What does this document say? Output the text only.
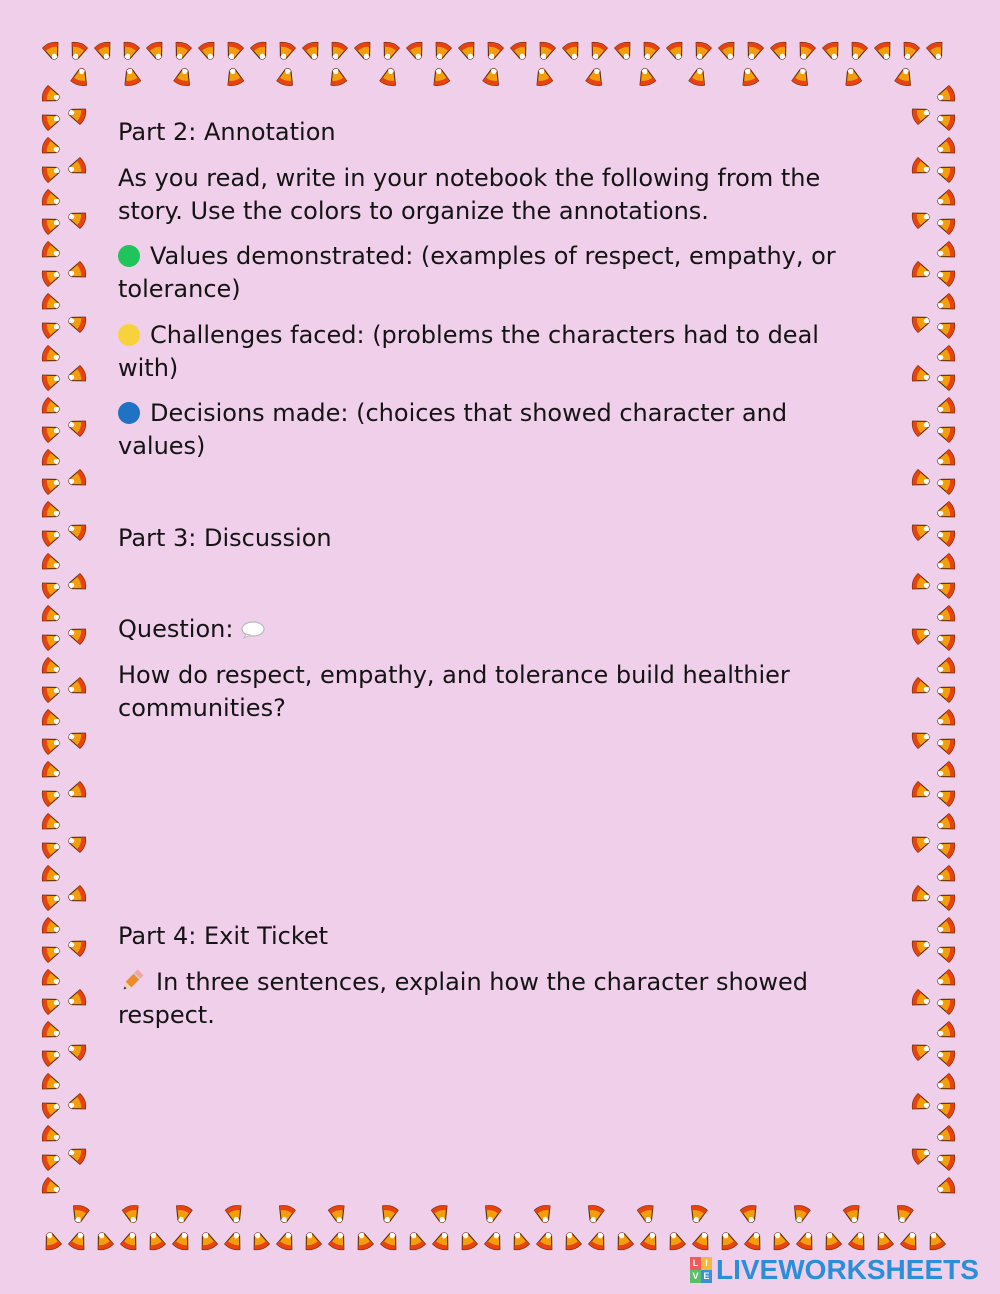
Part 2: Annotation
As you read, write in your notebook the following from the
story. Use the colors to organize the annotations.
Values demonstrated: (examples of respect, empathy, or
tolerance)
Challenges faced: (problems the characters had to deal
with)
Decisions made: (choices that showed character and
values)
Part 3: Discussion
Question:
How do respect, empathy, and tolerance build healthier
communities?
Part 4: Exit Ticket
In three sentences, explain how the character showed
respect.
L I
V E LIVEWORKSHEETS
